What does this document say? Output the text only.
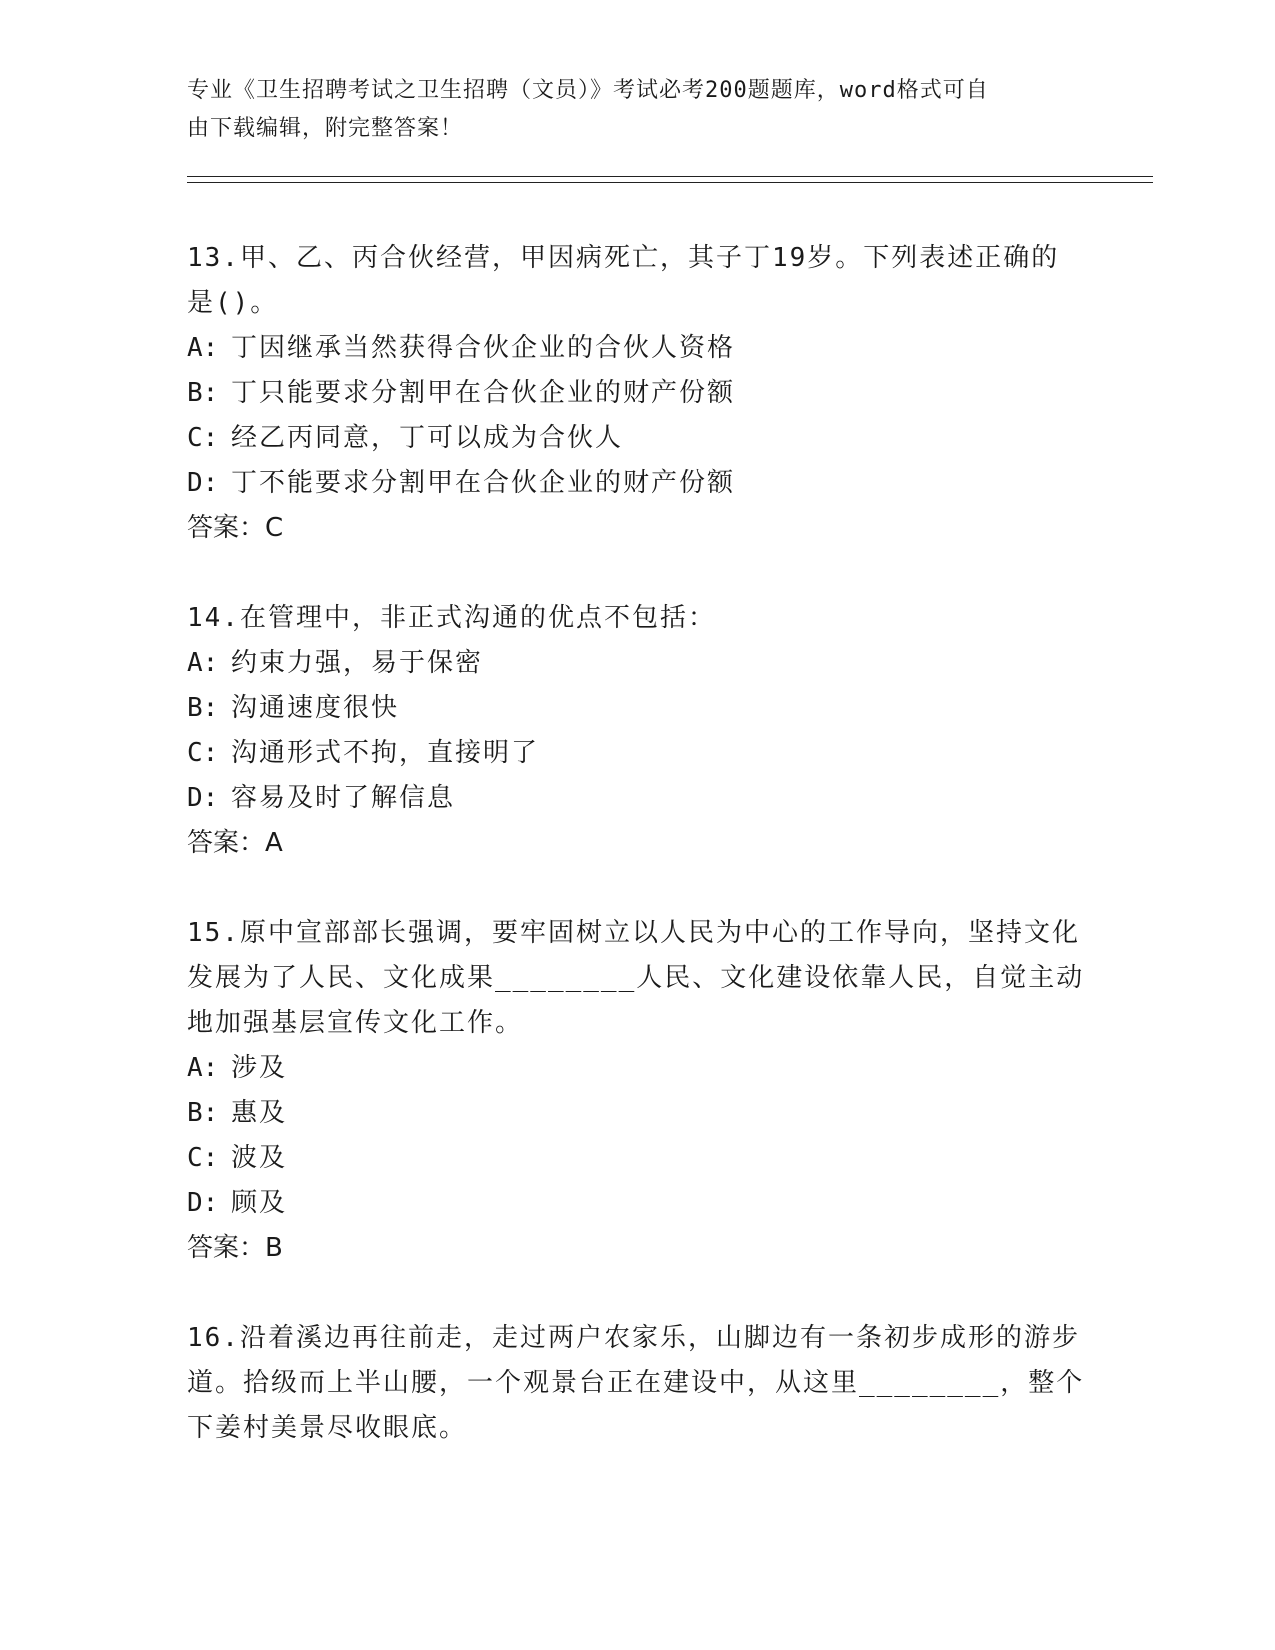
专业《卫生招聘考试之卫生招聘（文员）》考试必考200题题库，word格式可自
由下载编辑，附完整答案！
13.甲、乙、丙合伙经营，甲因病死亡，其子丁19岁。下列表述正确的是()。
A: 丁因继承当然获得合伙企业的合伙人资格
B: 丁只能要求分割甲在合伙企业的财产份额
C: 经乙丙同意，丁可以成为合伙人
D: 丁不能要求分割甲在合伙企业的财产份额
答案：C
14.在管理中，非正式沟通的优点不包括：
A: 约束力强，易于保密
B: 沟通速度很快
C: 沟通形式不拘，直接明了
D: 容易及时了解信息
答案：A
15.原中宣部部长强调，要牢固树立以人民为中心的工作导向，坚持文化发展为了人民、文化成果________人民、文化建设依靠人民，自觉主动地加强基层宣传文化工作。
A: 涉及
B: 惠及
C: 波及
D: 顾及
答案：B
16.沿着溪边再往前走，走过两户农家乐，山脚边有一条初步成形的游步道。拾级而上半山腰，一个观景台正在建设中，从这里________，整个下姜村美景尽收眼底。
